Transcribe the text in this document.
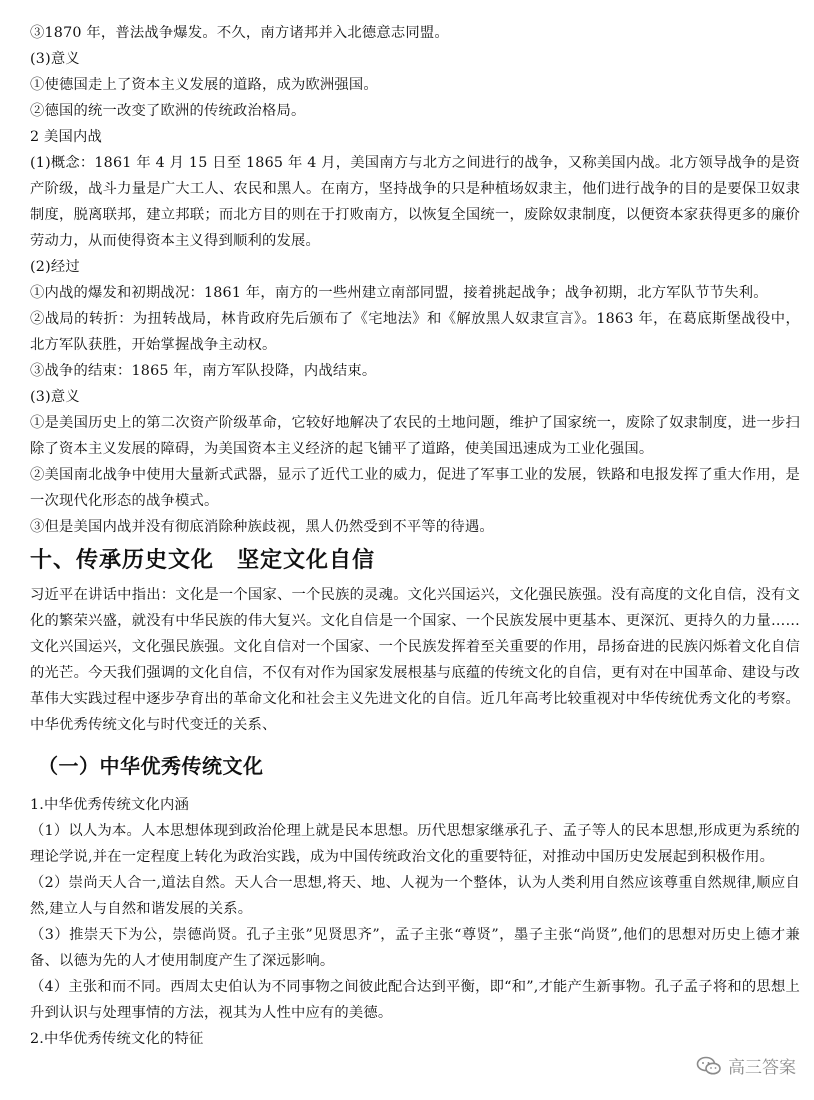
③1870 年，普法战争爆发。不久，南方诸邦并入北德意志同盟。

(3)意义

①使德国走上了资本主义发展的道路，成为欧洲强国。

②德国的统一改变了欧洲的传统政治格局。

2 美国内战

(1)概念：1861 年 4 月 15 日至 1865 年 4 月，美国南方与北方之间进行的战争，又称美国内战。北方领导战争的是资产阶级，战斗力量是广大工人、农民和黑人。在南方，坚持战争的只是种植场奴隶主，他们进行战争的目的是要保卫奴隶制度，脱离联邦，建立邦联；而北方目的则在于打败南方，以恢复全国统一，废除奴隶制度，以便资本家获得更多的廉价劳动力，从而使得资本主义得到顺利的发展。

(2)经过

①内战的爆发和初期战况：1861 年，南方的一些州建立南部同盟，接着挑起战争；战争初期，北方军队节节失利。

②战局的转折：为扭转战局，林肯政府先后颁布了《宅地法》和《解放黑人奴隶宣言》。1863 年，在葛底斯堡战役中，北方军队获胜，开始掌握战争主动权。

③战争的结束：1865 年，南方军队投降，内战结束。

(3)意义

①是美国历史上的第二次资产阶级革命，它较好地解决了农民的土地问题，维护了国家统一，废除了奴隶制度，进一步扫除了资本主义发展的障碍，为美国资本主义经济的起飞铺平了道路，使美国迅速成为工业化强国。

②美国南北战争中使用大量新式武器，显示了近代工业的威力，促进了军事工业的发展，铁路和电报发挥了重大作用，是一次现代化形态的战争模式。

③但是美国内战并没有彻底消除种族歧视，黑人仍然受到不平等的待遇。

十、传承历史文化　坚定文化自信

习近平在讲话中指出：文化是一个国家、一个民族的灵魂。文化兴国运兴，文化强民族强。没有高度的文化自信，没有文化的繁荣兴盛，就没有中华民族的伟大复兴。文化自信是一个国家、一个民族发展中更基本、更深沉、更持久的力量……文化兴国运兴，文化强民族强。文化自信对一个国家、一个民族发挥着至关重要的作用，昂扬奋进的民族闪烁着文化自信的光芒。今天我们强调的文化自信，不仅有对作为国家发展根基与底蕴的传统文化的自信，更有对在中国革命、建设与改革伟大实践过程中逐步孕育出的革命文化和社会主义先进文化的自信。近几年高考比较重视对中华传统优秀文化的考察。中华优秀传统文化与时代变迁的关系、

（一）中华优秀传统文化

1.中华优秀传统文化内涵

（1）以人为本。人本思想体现到政治伦理上就是民本思想。历代思想家继承孔子、孟子等人的民本思想,形成更为系统的理论学说,并在一定程度上转化为政治实践，成为中国传统政治文化的重要特征，对推动中国历史发展起到积极作用。

（2）崇尚天人合一,道法自然。天人合一思想,将天、地、人视为一个整体，认为人类利用自然应该尊重自然规律,顺应自然,建立人与自然和谐发展的关系。

（3）推崇天下为公，崇德尚贤。孔子主张”见贤思齐”，孟子主张“尊贤”，墨子主张“尚贤”,他们的思想对历史上德才兼备、以德为先的人才使用制度产生了深远影响。

（4）主张和而不同。西周太史伯认为不同事物之间彼此配合达到平衡，即“和”,才能产生新事物。孔子孟子将和的思想上升到认识与处理事情的方法，视其为人性中应有的美德。

2.中华优秀传统文化的特征

高三答案
